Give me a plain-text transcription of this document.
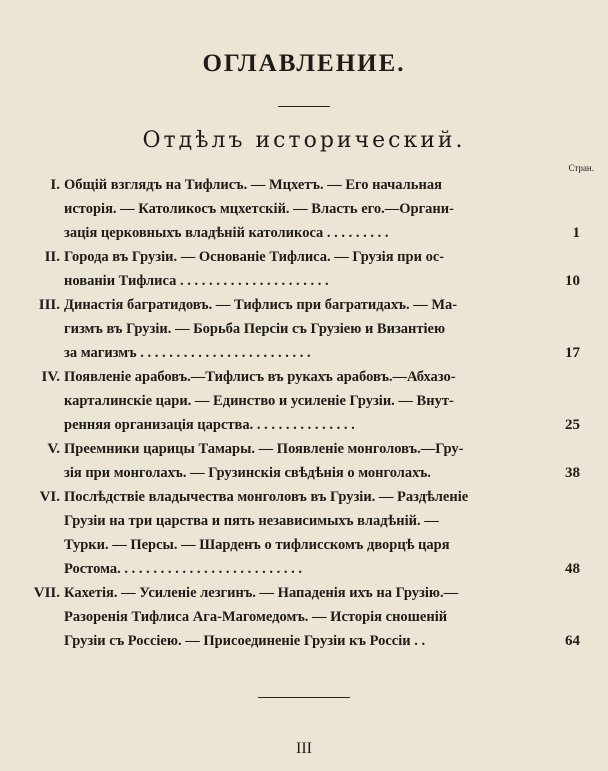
ОГЛАВЛЕНИЕ.
Отдѣлъ исторический.
Стран.
I. Общій взглядъ на Тифлисъ. — Мцхетъ. — Его начальная
исторія. — Католикосъ мцхетскій. — Власть его.—Органи-
зація церковныхъ владѣній католикоса . . . . . . . . .	1
II. Города въ Грузіи. — Основаніе Тифлиса. — Грузія при ос-
нованіи Тифлиса . . . . . . . . . . . . . . . . . . . . .	10
III. Династія багратидовъ. — Тифлисъ при багратидахъ. — Ма-
гизмъ въ Грузіи. — Борьба Персіи съ Грузіею и Византіею
за магизмъ . . . . . . . . . . . . . . . . . . . . . . . .	17
IV. Появленіе арабовъ.—Тифлисъ въ рукахъ арабовъ.—Абхазо-
карталинскіе цари. — Единство и усиленіе Грузіи. — Внут-
ренняя организація царства. . . . . . . . . . . . . . .	25
V. Преемники царицы Тамары. — Появленіе монголовъ.—Гру-
зія при монголахъ. — Грузинскія свѣдѣнія о монголахъ.	38
VI. Послѣдствіе владычества монголовъ въ Грузіи. — Раздѣленіе
Грузіи на три царства и пять независимыхъ владѣній. —
Турки. — Персы. — Шарденъ о тифлисскомъ дворцѣ царя
Ростома. . . . . . . . . . . . . . . . . . . . . . . . . .	48
VII. Кахетія. — Усиленіе лезгинъ. — Нападенія ихъ на Грузію.—
Разоренія Тифлиса Ага-Магомедомъ. — Исторія сношеній
Грузіи съ Россіею. — Присоединеніе Грузіи къ Россіи . .	64
III
